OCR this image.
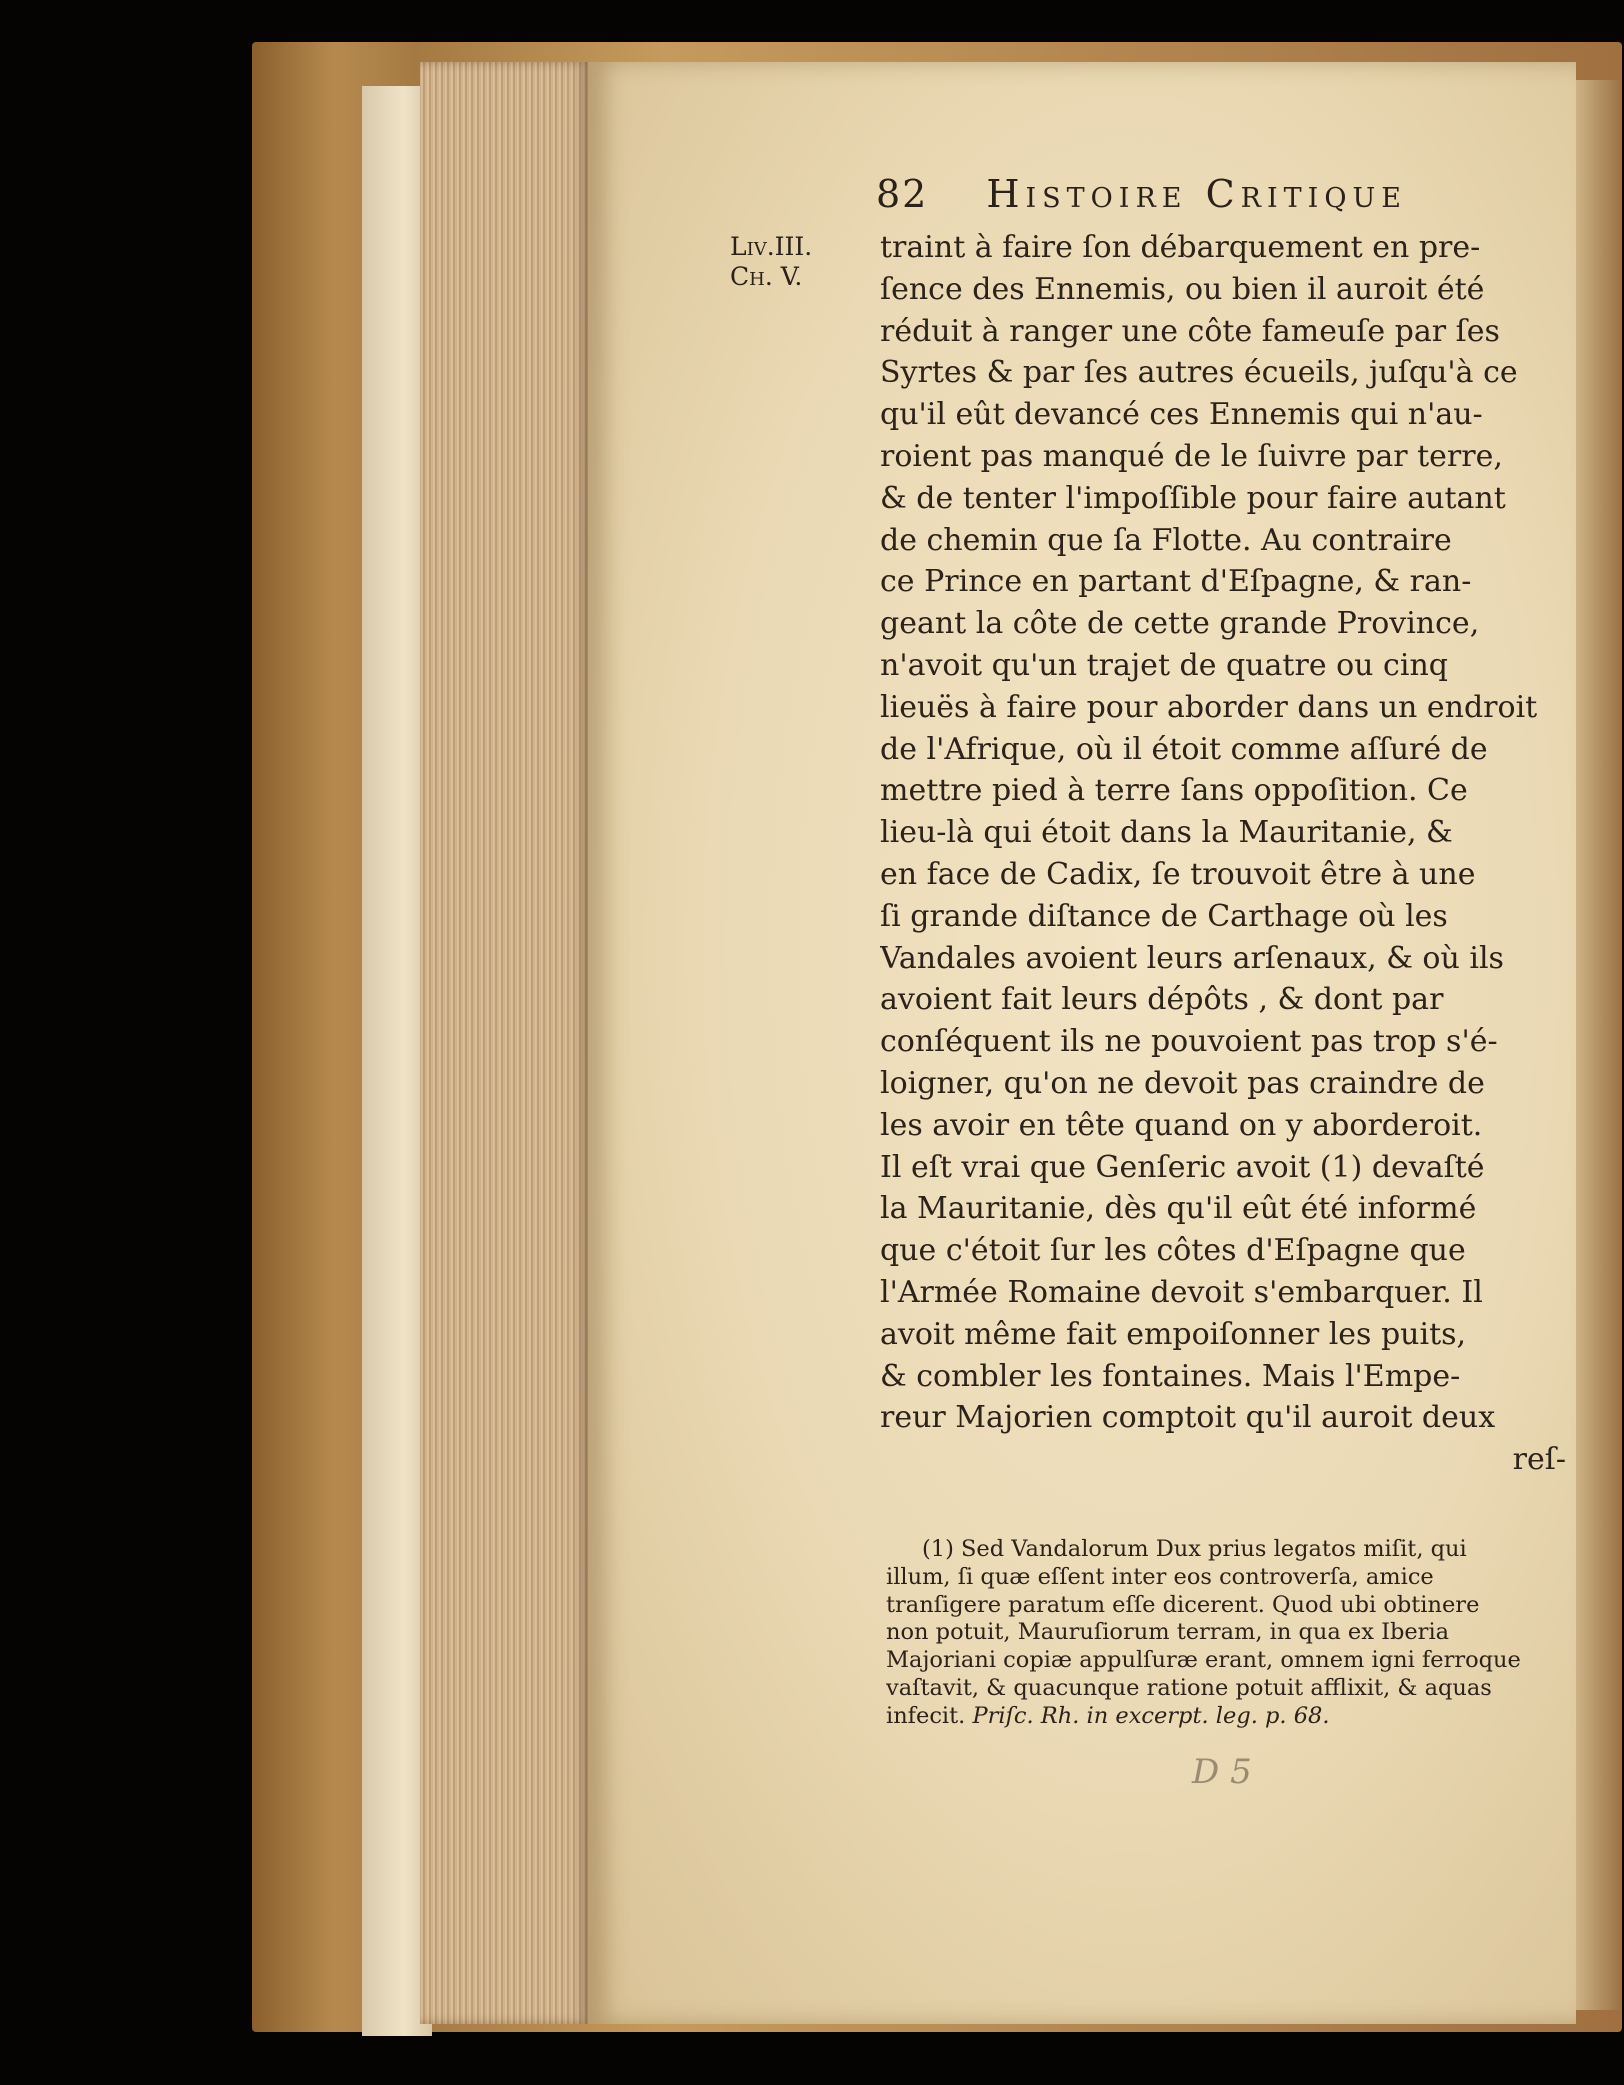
82 Histoire Critique
Liv.III.
Ch. V.
traint à faire ſon débarquement en pre-
ſence des Ennemis, ou bien il auroit été
réduit à ranger une côte fameuſe par ſes
Syrtes & par ſes autres écueils, juſqu'à ce
qu'il eût devancé ces Ennemis qui n'au-
roient pas manqué de le ſuivre par terre,
& de tenter l'impoſſible pour faire autant
de chemin que ſa Flotte. Au contraire
ce Prince en partant d'Eſpagne, & ran-
geant la côte de cette grande Province,
n'avoit qu'un trajet de quatre ou cinq
lieuës à faire pour aborder dans un endroit
de l'Afrique, où il étoit comme aſſuré de
mettre pied à terre ſans oppoſition. Ce
lieu-là qui étoit dans la Mauritanie, &
en face de Cadix, ſe trouvoit être à une
ſi grande diſtance de Carthage où les
Vandales avoient leurs arſenaux, & où ils
avoient fait leurs dépôts , & dont par
conſéquent ils ne pouvoient pas trop s'é-
loigner, qu'on ne devoit pas craindre de
les avoir en tête quand on y aborderoit.
Il eſt vrai que Genſeric avoit (1) devaſté
la Mauritanie, dès qu'il eût été informé
que c'étoit ſur les côtes d'Eſpagne que
l'Armée Romaine devoit s'embarquer. Il
avoit même fait empoiſonner les puits,
& combler les fontaines. Mais l'Empe-
reur Majorien comptoit qu'il auroit deux
reſ-
(1) Sed Vandalorum Dux prius legatos miſit, qui
illum, ſi quæ eſſent inter eos controverſa, amice
tranſigere paratum eſſe dicerent. Quod ubi obtinere
non potuit, Mauruſiorum terram, in qua ex Iberia
Majoriani copiæ appulſuræ erant, omnem igni ferroque
vaſtavit, & quacunque ratione potuit afflixit, & aquas
infecit. Priſc. Rh. in excerpt. leg. p. 68.
D 5
